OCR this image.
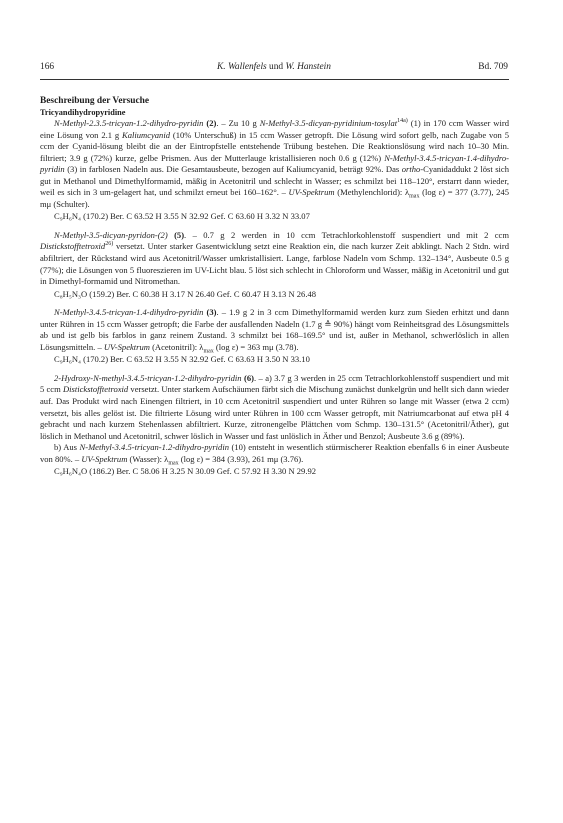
166	K. Wallenfels und W. Hanstein	Bd. 709

Beschreibung der Versuche

Tricyandihydropyridine

N-Methyl-2.3.5-tricyan-1.2-dihydro-pyridin (2). – Zu 10 g N-Methyl-3.5-dicyan-pyridinium-tosylat$^{14a)}$ (1) in 170 ccm Wasser wird eine Lösung von 2.1 g Kaliumcyanid (10% Unterschuß) in 15 ccm Wasser getropft. Die Lösung wird sofort gelb, nach Zugabe von 5 ccm der Cyanid-lösung bleibt die an der Eintropfstelle entstehende Trübung bestehen. Die Reaktionslösung wird nach 10–30 Min. filtriert; 3.9 g (72%) kurze, gelbe Prismen. Aus der Mutterlauge kristallisieren noch 0.6 g (12%) N-Methyl-3.4.5-tricyan-1.4-dihydro-pyridin (3) in farblosen Nadeln aus. Die Gesamtausbeute, bezogen auf Kaliumcyanid, beträgt 92%. Das ortho-Cyanidaddukt 2 löst sich gut in Methanol und Dimethylformamid, mäßig in Acetonitril und schlecht in Wasser; es schmilzt bei 118–120°, erstarrt dann wieder, weil es sich in 3 um-gelagert hat, und schmilzt erneut bei 160–162°. – UV-Spektrum (Methylenchlorid): $\lambda_{max}$ (log ε) = 377 (3.77), 245 mμ (Schulter).

C₉H₆N₄ (170.2) Ber. C 63.52 H 3.55 N 32.92 Gef. C 63.60 H 3.32 N 33.07

N-Methyl-3.5-dicyan-pyridon-(2) (5). – 0.7 g 2 werden in 10 ccm Tetrachlorkohlenstoff suspendiert und mit 2 ccm Distickstofftetroxid$^{26)}$ versetzt. Unter starker Gasentwicklung setzt eine Reaktion ein, die nach kurzer Zeit abklingt. Nach 2 Stdn. wird abfiltriert, der Rückstand wird aus Acetonitril/Wasser umkristallisiert. Lange, farblose Nadeln vom Schmp. 132–134°, Ausbeute 0.5 g (77%); die Lösungen von 5 fluoreszieren im UV-Licht blau. 5 löst sich schlecht in Chloroform und Wasser, mäßig in Acetonitril und gut in Dimethyl-formamid und Nitromethan.

C₈H₅N₃O (159.2) Ber. C 60.38 H 3.17 N 26.40 Gef. C 60.47 H 3.13 N 26.48

N-Methyl-3.4.5-tricyan-1.4-dihydro-pyridin (3). – 1.9 g 2 in 3 ccm Dimethylformamid werden kurz zum Sieden erhitzt und dann unter Rühren in 15 ccm Wasser getropft; die Farbe der ausfallenden Nadeln (1.7 g ≙ 90%) hängt vom Reinheitsgrad des Lösungsmittels ab und ist gelb bis farblos in ganz reinem Zustand. 3 schmilzt bei 168–169.5° und ist, außer in Methanol, schwerlöslich in allen Lösungsmitteln. – UV-Spektrum (Acetonitril): $\lambda_{max}$ (log ε) = 363 mμ (3.78).

C₉H₆N₄ (170.2) Ber. C 63.52 H 3.55 N 32.92 Gef. C 63.63 H 3.50 N 33.10

2-Hydroxy-N-methyl-3.4.5-tricyan-1.2-dihydro-pyridin (6). – a) 3.7 g 3 werden in 25 ccm Tetrachlorkohlenstoff suspendiert und mit 5 ccm Distickstofftetroxid versetzt. Unter starkem Aufschäumen färbt sich die Mischung zunächst dunkelgrün und hellt sich dann wieder auf. Das Produkt wird nach Einengen filtriert, in 10 ccm Acetonitril suspendiert und unter Rühren so lange mit Wasser (etwa 2 ccm) versetzt, bis alles gelöst ist. Die filtrierte Lösung wird unter Rühren in 100 ccm Wasser getropft, mit Natriumcarbonat auf etwa pH 4 gebracht und nach kurzem Stehenlassen abfiltriert. Kurze, zitronengelbe Plättchen vom Schmp. 130–131.5° (Acetonitril/Äther), gut löslich in Methanol und Acetonitril, schwer löslich in Wasser und fast unlöslich in Äther und Benzol; Ausbeute 3.6 g (89%).

b) Aus N-Methyl-3.4.5-tricyan-1.2-dihydro-pyridin (10) entsteht in wesentlich stürmischerer Reaktion ebenfalls 6 in einer Ausbeute von 80%. – UV-Spektrum (Wasser): $\lambda_{max}$ (log ε) = 384 (3.93), 261 mμ (3.76).

C₉H₆N₄O (186.2) Ber. C 58.06 H 3.25 N 30.09 Gef. C 57.92 H 3.30 N 29.92
